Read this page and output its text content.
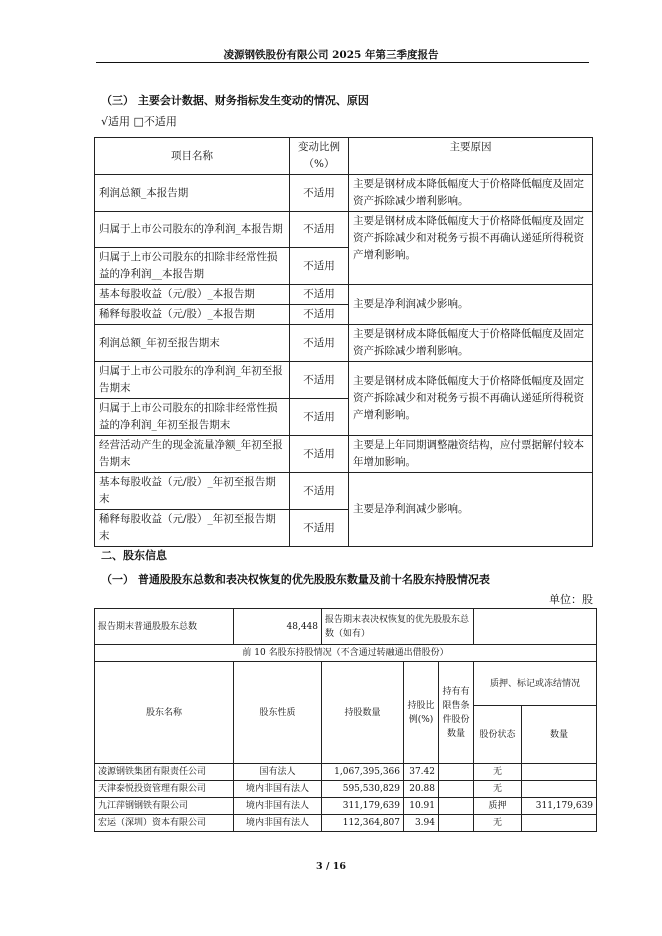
凌源钢铁股份有限公司 2025 年第三季度报告
（三） 主要会计数据、财务指标发生变动的情况、原因
√适用 □不适用
项目名称	变动比例（%）	主要原因
利润总额_本报告期	不适用	主要是钢材成本降低幅度大于价格降低幅度及固定资产拆除减少增利影响。
归属于上市公司股东的净利润_本报告期	不适用	主要是钢材成本降低幅度大于价格降低幅度及固定资产拆除减少和对税务亏损不再确认递延所得税资产增利影响。
归属于上市公司股东的扣除非经常性损益的净利润__本报告期	不适用	
基本每股收益（元/股）_本报告期	不适用	主要是净利润减少影响。
稀释每股收益（元/股）_本报告期	不适用	
利润总额_年初至报告期末	不适用	主要是钢材成本降低幅度大于价格降低幅度及固定资产拆除减少增利影响。
归属于上市公司股东的净利润_年初至报告期末	不适用	主要是钢材成本降低幅度大于价格降低幅度及固定资产拆除减少和对税务亏损不再确认递延所得税资产增利影响。
归属于上市公司股东的扣除非经常性损益的净利润_年初至报告期末	不适用	
经营活动产生的现金流量净额_年初至报告期末	不适用	主要是上年同期调整融资结构，应付票据解付较本年增加影响。
基本每股收益（元/股）_年初至报告期末	不适用	主要是净利润减少影响。
稀释每股收益（元/股）_年初至报告期末	不适用	
二、股东信息
（一） 普通股股东总数和表决权恢复的优先股股东数量及前十名股东持股情况表
单位：股
报告期末普通股股东总数	48,448	报告期末表决权恢复的优先股股东总数（如有）				
前 10 名股东持股情况（不含通过转融通出借股份）						
股东名称	股东性质	持股数量	持股比例(%)	持有有限售条件股份数量	质押、标记或冻结情况	
					股份状态	数量
凌源钢铁集团有限责任公司	国有法人	1,067,395,366	37.42		无	
天津泰悦投资管理有限公司	境内非国有法人	595,530,829	20.88		无	
九江萍钢钢铁有限公司	境内非国有法人	311,179,639	10.91		质押	311,179,639
宏运（深圳）资本有限公司	境内非国有法人	112,364,807	3.94		无	
3 / 16
